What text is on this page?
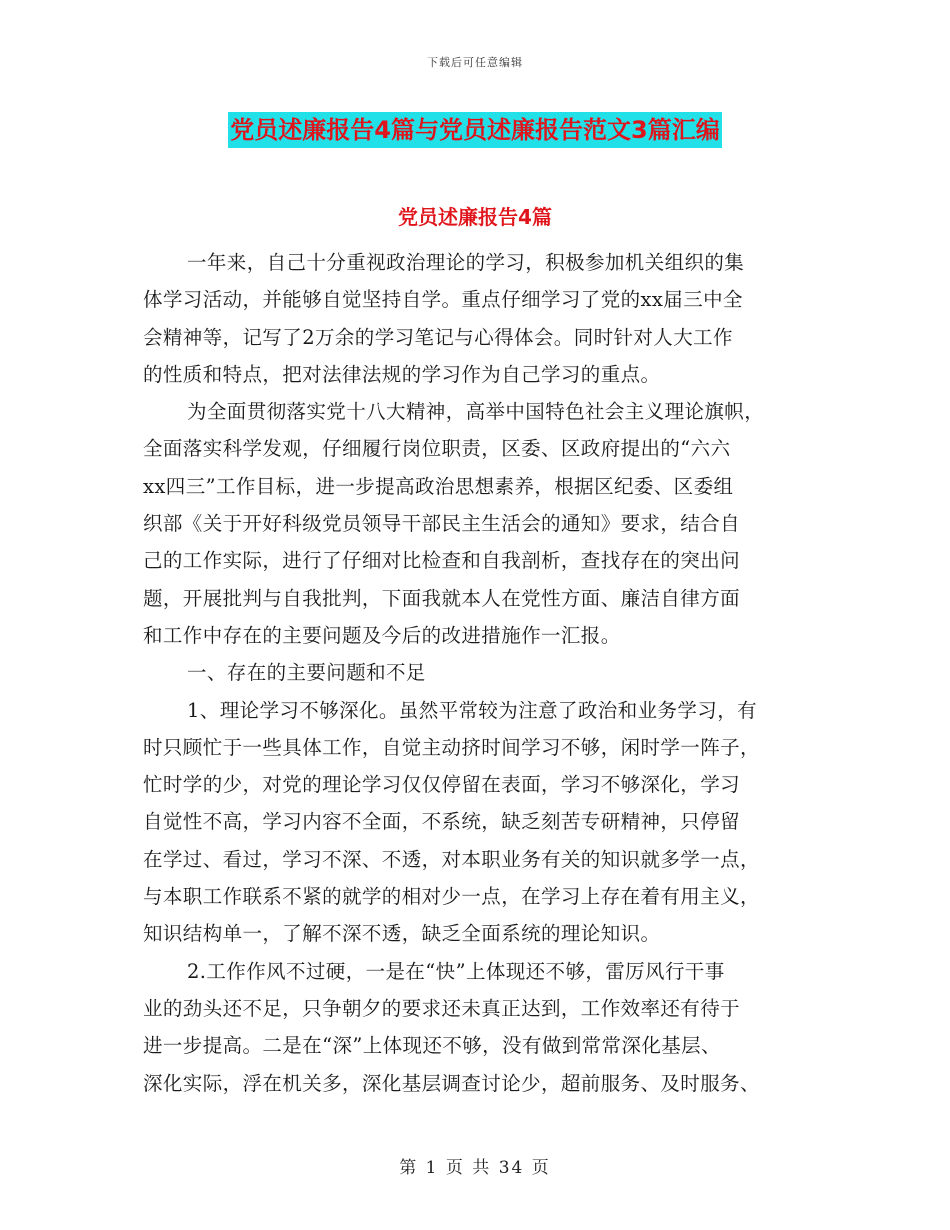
下载后可任意编辑
党员述廉报告4篇与党员述廉报告范文3篇汇编
党员述廉报告4篇
一年来，自己十分重视政治理论的学习，积极参加机关组织的集
体学习活动，并能够自觉坚持自学。重点仔细学习了党的xx届三中全
会精神等，记写了2万余的学习笔记与心得体会。同时针对人大工作
的性质和特点，把对法律法规的学习作为自己学习的重点。
为全面贯彻落实党十八大精神，高举中国特色社会主义理论旗帜，
全面落实科学发观，仔细履行岗位职责，区委、区政府提出的“六六
xx四三”工作目标，进一步提高政治思想素养，根据区纪委、区委组
织部《关于开好科级党员领导干部民主生活会的通知》要求，结合自
己的工作实际，进行了仔细对比检查和自我剖析，查找存在的突出问
题，开展批判与自我批判，下面我就本人在党性方面、廉洁自律方面
和工作中存在的主要问题及今后的改进措施作一汇报。
一、存在的主要问题和不足
1、理论学习不够深化。虽然平常较为注意了政治和业务学习，有
时只顾忙于一些具体工作，自觉主动挤时间学习不够，闲时学一阵子，
忙时学的少，对党的理论学习仅仅停留在表面，学习不够深化，学习
自觉性不高，学习内容不全面，不系统，缺乏刻苦专研精神，只停留
在学过、看过，学习不深、不透，对本职业务有关的知识就多学一点，
与本职工作联系不紧的就学的相对少一点，在学习上存在着有用主义，
知识结构单一，了解不深不透，缺乏全面系统的理论知识。
2.工作作风不过硬，一是在“快”上体现还不够，雷厉风行干事
业的劲头还不足，只争朝夕的要求还未真正达到，工作效率还有待于
进一步提高。二是在“深”上体现还不够，没有做到常常深化基层、
深化实际，浮在机关多，深化基层调查讨论少，超前服务、及时服务、
第 1 页 共 34 页
